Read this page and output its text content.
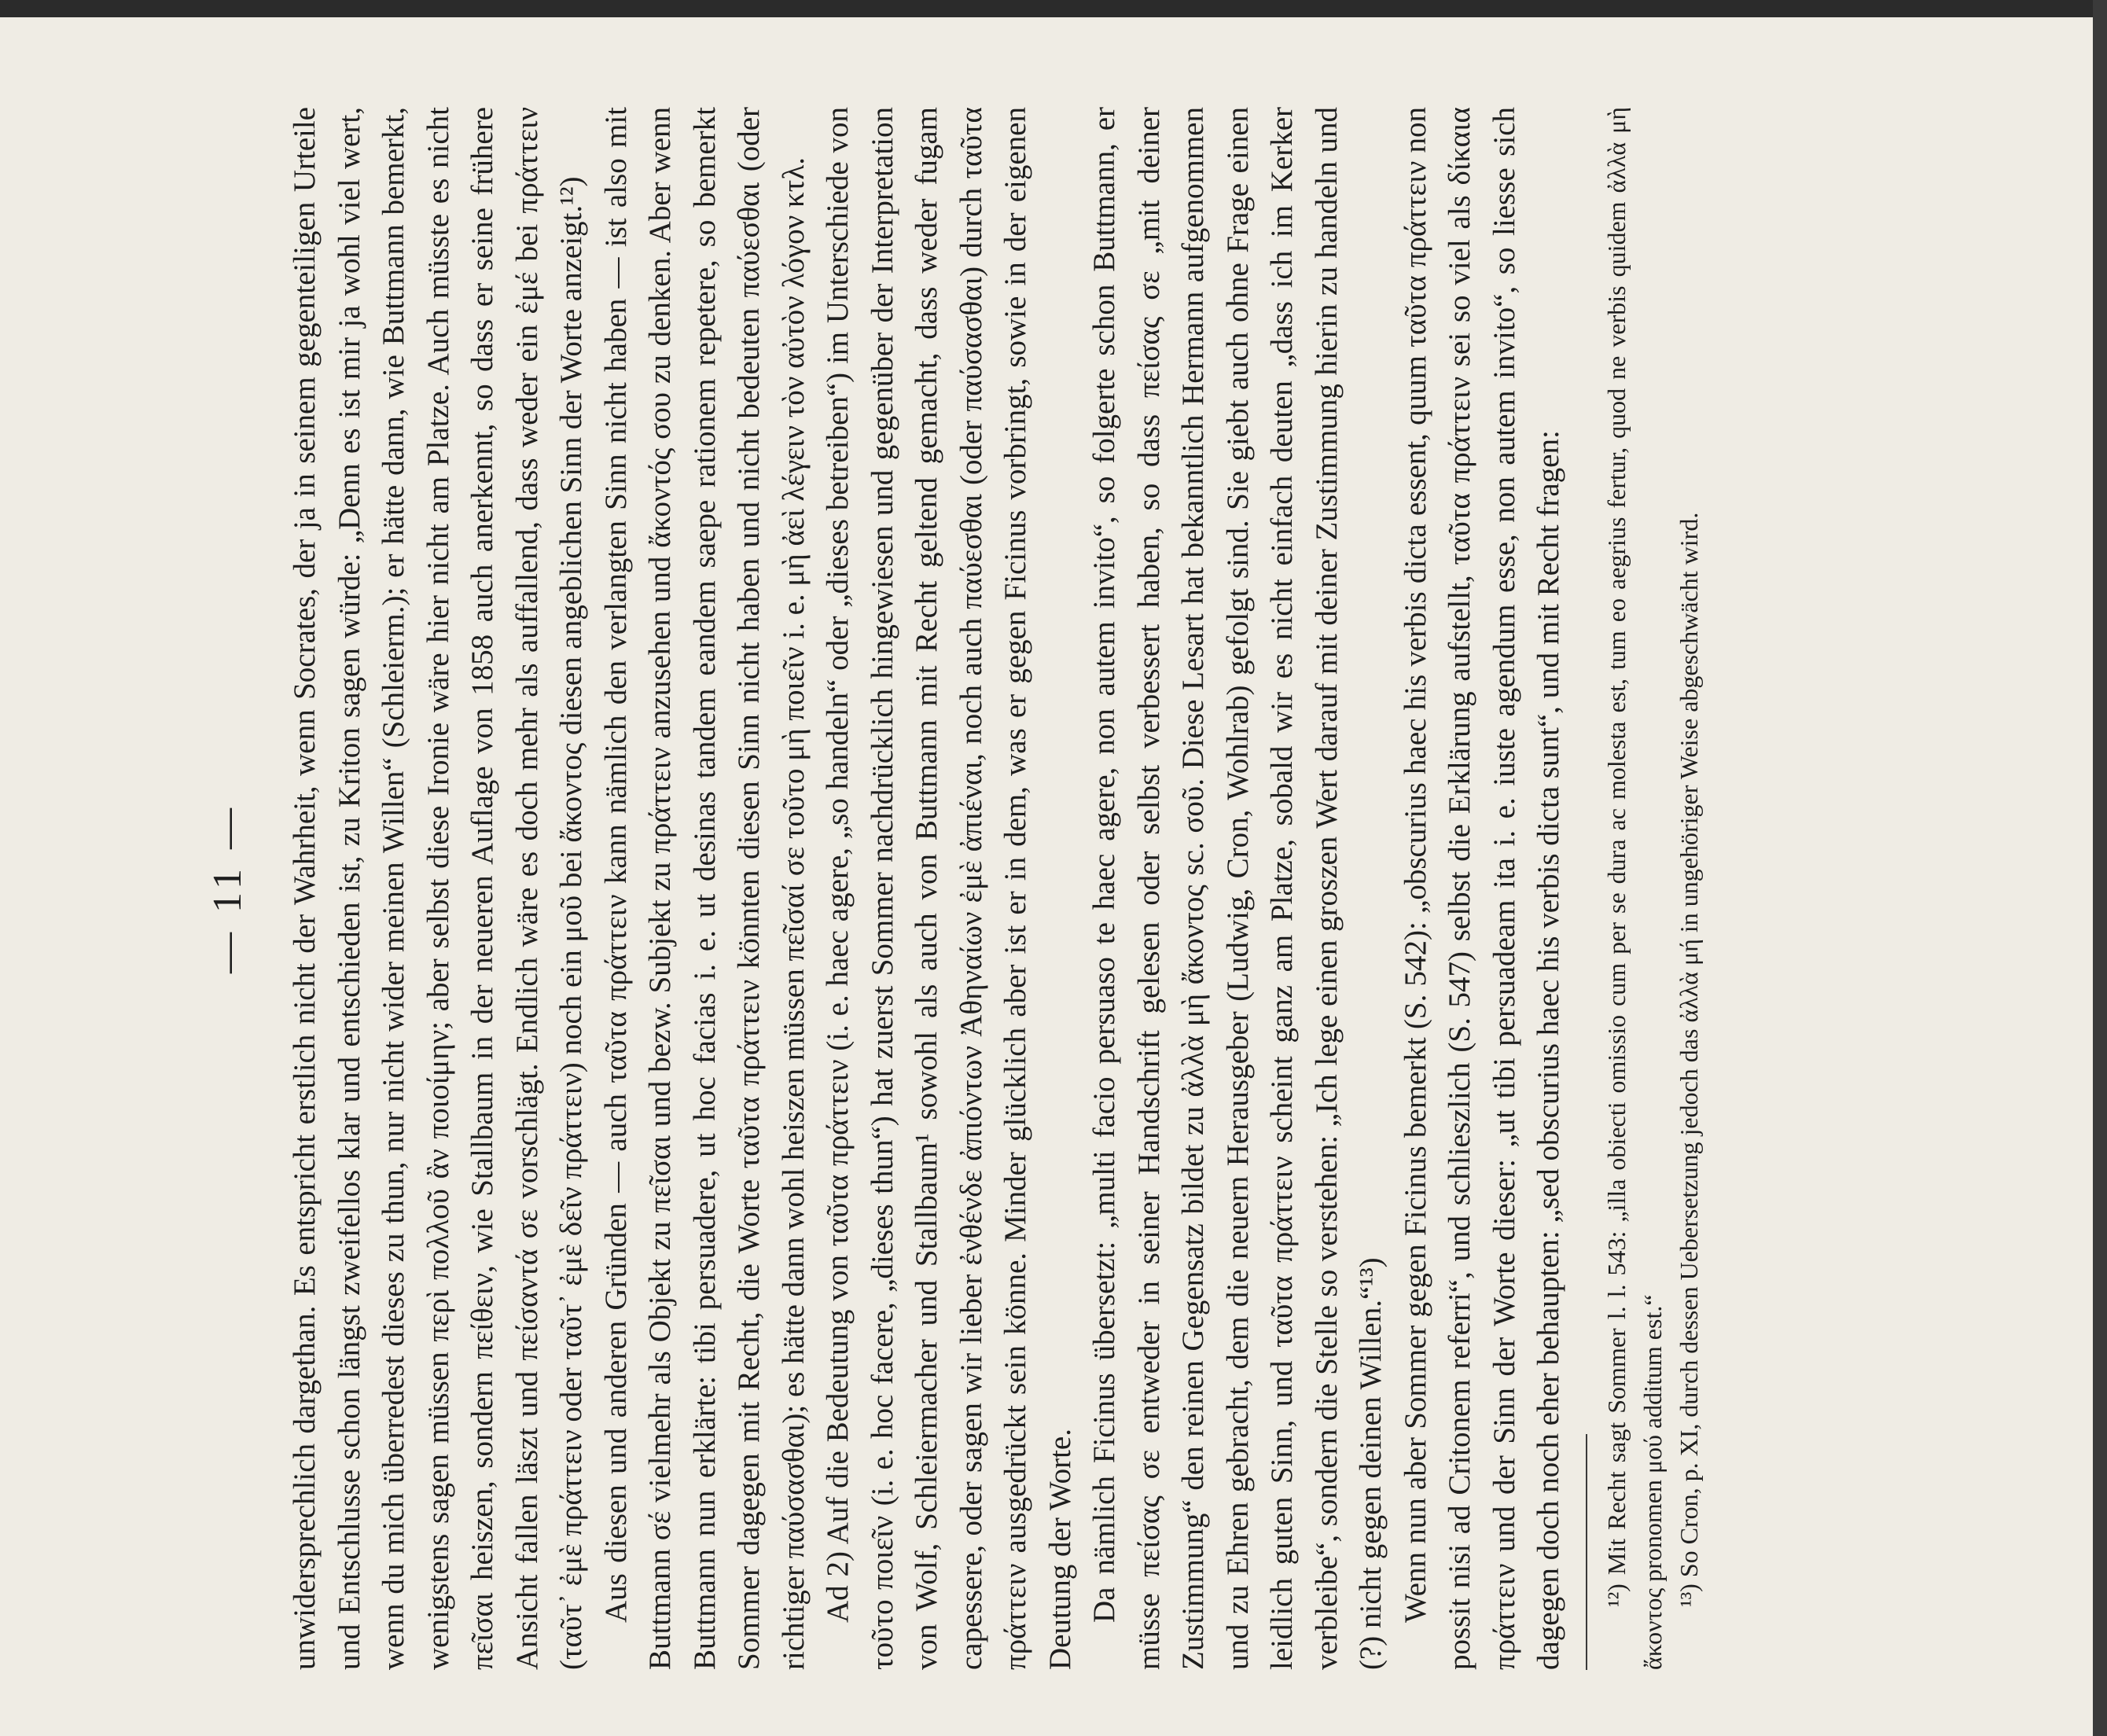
— 11 —	unwidersprechlich dargethan. Es entspricht erstlich nicht der Wahrheit, wenn Socrates, der ja in seinem gegenteiligen Urteile und Entschlusse schon längst zweifellos klar und entschieden ist, zu Kriton sagen würde: „Denn es ist mir ja wohl viel wert, wenn du mich überredest dieses zu thun, nur nicht wider meinen Willen“ (Schleierm.); er hätte dann, wie Buttmann bemerkt, wenigstens sagen müssen περὶ πολλοῦ ἂν ποιοίμην; aber selbst diese Ironie wäre hier nicht am Platze. Auch müsste es nicht πεῖσαι heiszen, sondern πείθειν, wie Stallbaum in der neueren Auflage von 1858 auch anerkennt, so dass er seine frühere Ansicht fallen läszt und πείσαντά σε vorschlägt. Endlich wäre es doch mehr als auffallend, dass weder ein ἐμέ bei πράττειν (ταῦτ᾽ ἐμὲ πράττειν oder ταῦτ᾽ ἐμὲ δεῖν πράττειν) noch ein μοῦ bei ἄκοντος diesen angeblichen Sinn der Worte anzeigt.¹²) Aus diesen und anderen Gründen — auch ταῦτα πράττειν kann nämlich den verlangten Sinn nicht haben — ist also mit Buttmann σέ vielmehr als Objekt zu πεῖσαι und bezw. Subjekt zu πράττειν anzusehen und ἄκοντός σου zu denken. Aber wenn Buttmann nun erklärte: tibi persuadere, ut hoc facias i. e. ut desinas tandem eandem saepe rationem repetere, so bemerkt Sommer dagegen mit Recht, die Worte ταῦτα πράττειν könnten diesen Sinn nicht haben und nicht bedeuten παύεσθαι (oder richtiger παύσασθαι); es hätte dann wohl heiszen müssen πεῖσαί σε τοῦτο μὴ ποιεῖν i. e. μὴ ἀεὶ λέγειν τὸν αὐτὸν λόγον κτλ. Ad 2) Auf die Bedeutung von ταῦτα πράττειν (i. e. haec agere, „so handeln“ oder „dieses betreiben“) im Unterschiede von τοῦτο ποιεῖν (i. e. hoc facere, „dieses thun“) hat zuerst Sommer nachdrücklich hingewiesen und gegenüber der Interpretation von Wolf, Schleiermacher und Stallbaum¹ sowohl als auch von Buttmann mit Recht geltend gemacht, dass weder fugam capessere, oder sagen wir lieber ἐνθένδε ἀπιόντων Ἀθηναίων ἐμὲ ἀπιέναι, noch auch παύεσθαι (oder παύσασθαι) durch ταῦτα πράττειν ausgedrückt sein könne. Minder glücklich aber ist er in dem, was er gegen Ficinus vorbringt, sowie in der eigenen Deutung der Worte. Da nämlich Ficinus übersetzt: „multi facio persuaso te haec agere, non autem invito“, so folgerte schon Buttmann, er müsse πείσας σε entweder in seiner Handschrift gelesen oder selbst verbessert haben, so dass πείσας σε „mit deiner Zustimmung“ den reinen Gegensatz bildet zu ἀλλὰ μὴ ἄκοντος sc. σοῦ. Diese Lesart hat bekanntlich Hermann aufgenommen und zu Ehren gebracht, dem die neuern Herausgeber (Ludwig, Cron, Wohlrab) gefolgt sind. Sie giebt auch ohne Frage einen leidlich guten Sinn, und ταῦτα πράττειν scheint ganz am Platze, sobald wir es nicht einfach deuten „dass ich im Kerker verbleibe“, sondern die Stelle so verstehen: „Ich lege einen groszen Wert darauf mit deiner Zustimmung hierin zu handeln und (?) nicht gegen deinen Willen.“¹³) Wenn nun aber Sommer gegen Ficinus bemerkt (S. 542): „obscurius haec his verbis dicta essent, quum ταῦτα πράττειν non possit nisi ad Critonem referri“, und schlieszlich (S. 547) selbst die Erklärung aufstellt, ταῦτα πράττειν sei so viel als δίκαια πράττειν und der Sinn der Worte dieser: „ut tibi persuadeam ita i. e. iuste agendum esse, non autem invito“, so liesse sich dagegen doch noch eher behaupten: „sed obscurius haec his verbis dicta sunt“, und mit Recht fragen: ¹²) Mit Recht sagt Sommer l. l. 543: „illa obiecti omissio cum per se dura ac molesta est, tum eo aegrius fertur, quod ne verbis quidem ἀλλὰ μὴ ἄκοντος pronomen μού additum est.“ ¹³) So Cron, p. XI, durch dessen Uebersetzung jedoch das ἀλλὰ μή in ungehöriger Weise abgeschwächt wird.
